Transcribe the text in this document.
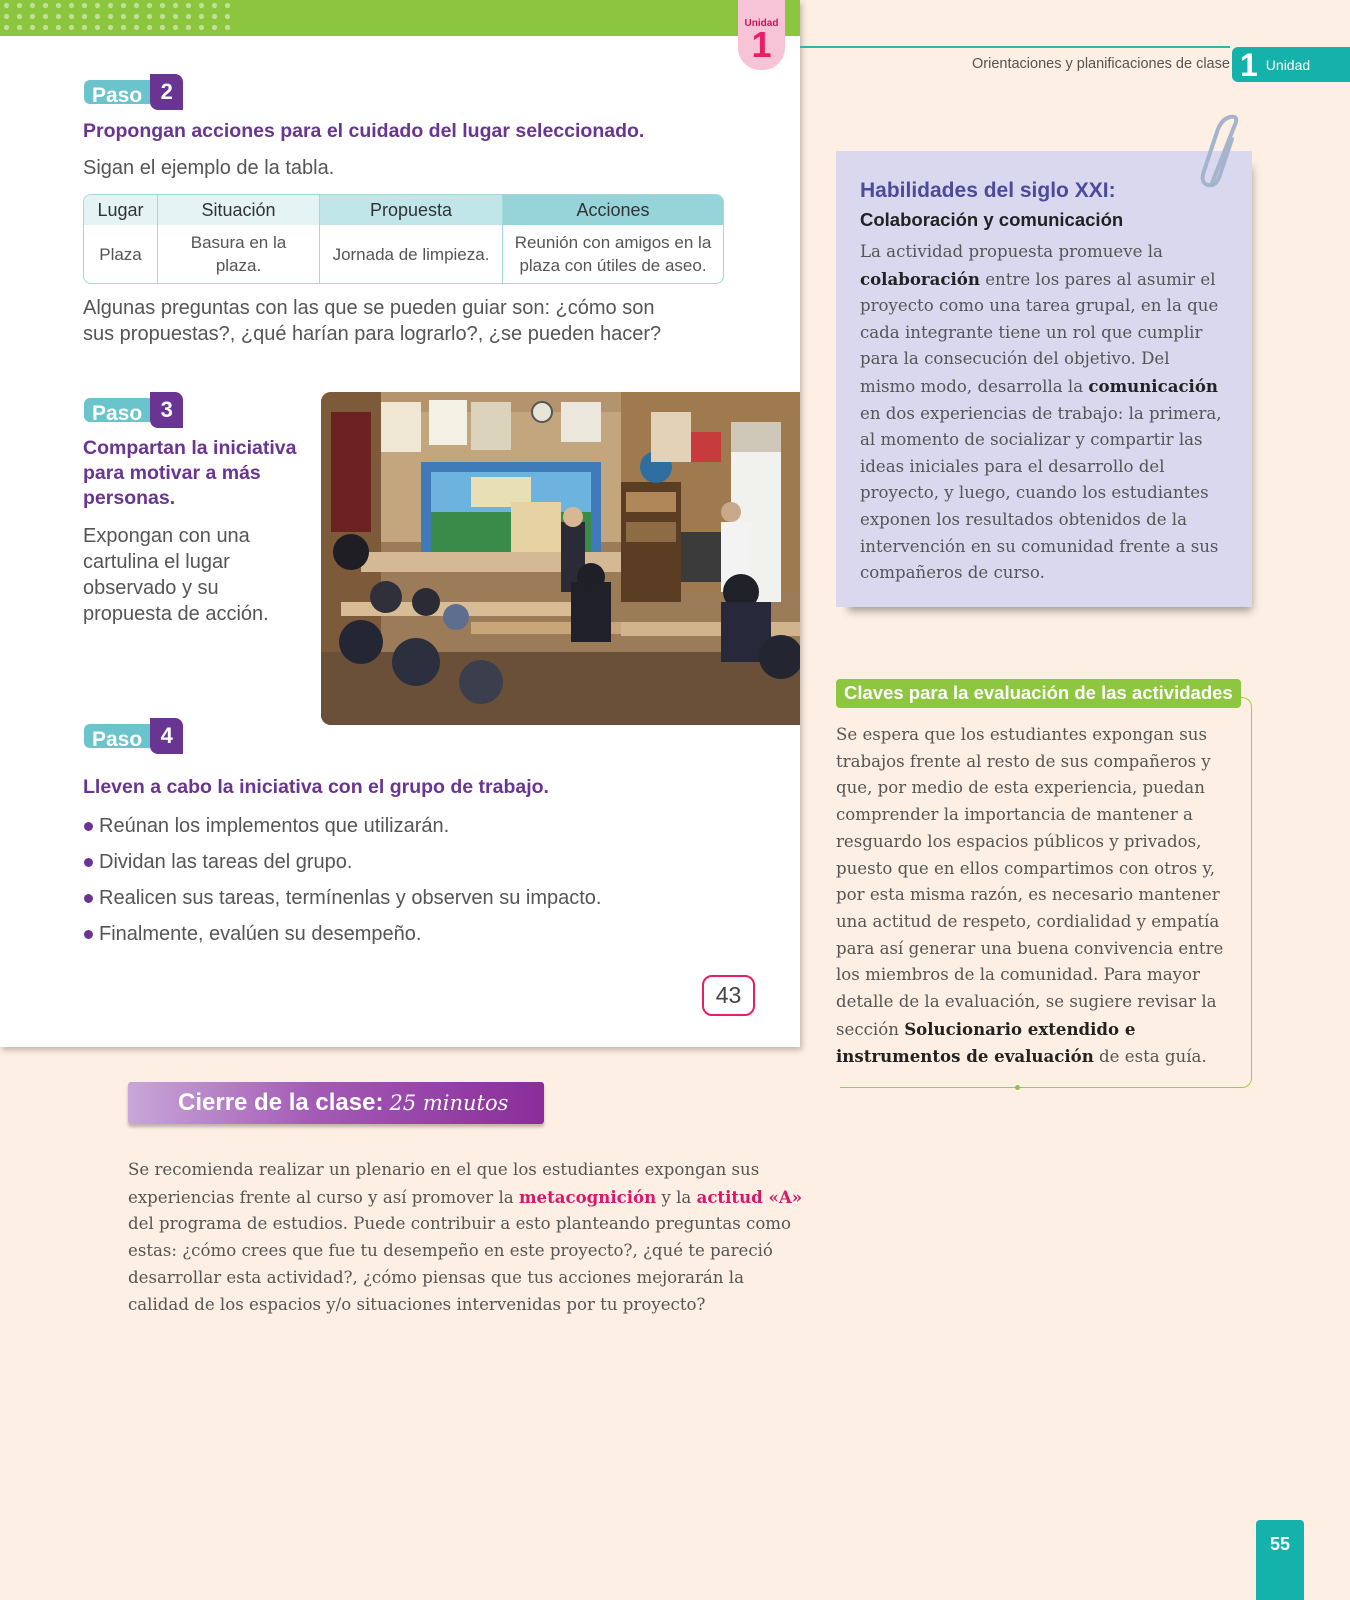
Unidad
1
Paso 2
Propongan acciones para el cuidado del lugar seleccionado.
Sigan el ejemplo de la tabla.
Lugar	Situación	Propuesta	Acciones
Plaza	Basura en la plaza.	Jornada de limpieza.	Reunión con amigos en la plaza con útiles de aseo.
Algunas preguntas con las que se pueden guiar son: ¿cómo son sus propuestas?, ¿qué harían para lograrlo?, ¿se pueden hacer?
Paso 3
Compartan la iniciativa para motivar a más personas.
Expongan con una cartulina el lugar observado y su propuesta de acción.
Paso 4
Lleven a cabo la iniciativa con el grupo de trabajo.
Reúnan los implementos que utilizarán.
Dividan las tareas del grupo.
Realicen sus tareas, termínenlas y observen su impacto.
Finalmente, evalúen su desempeño.
43
Orientaciones y planificaciones de clase 1 Unidad
Habilidades del siglo XXI:
Colaboración y comunicación

La actividad propuesta promueve la colaboración entre los pares al asumir el proyecto como una tarea grupal, en la que cada integrante tiene un rol que cumplir para la consecución del objetivo. Del mismo modo, desarrolla la comunicación en dos experiencias de trabajo: la primera, al momento de socializar y compartir las ideas iniciales para el desarrollo del proyecto, y luego, cuando los estudiantes exponen los resultados obtenidos de la intervención en su comunidad frente a sus compañeros de curso.

Claves para la evaluación de las actividades

Se espera que los estudiantes expongan sus trabajos frente al resto de sus compañeros y que, por medio de esta experiencia, puedan comprender la importancia de mantener a resguardo los espacios públicos y privados, puesto que en ellos compartimos con otros y, por esta misma razón, es necesario mantener una actitud de respeto, cordialidad y empatía para así generar una buena convivencia entre los miembros de la comunidad. Para mayor detalle de la evaluación, se sugiere revisar la sección Solucionario extendido e instrumentos de evaluación de esta guía.

Cierre de la clase: 25 minutos

Se recomienda realizar un plenario en el que los estudiantes expongan sus experiencias frente al curso y así promover la metacognición y la actitud «A» del programa de estudios. Puede contribuir a esto planteando preguntas como estas: ¿cómo crees que fue tu desempeño en este proyecto?, ¿qué te pareció desarrollar esta actividad?, ¿cómo piensas que tus acciones mejorarán la calidad de los espacios y/o situaciones intervenidas por tu proyecto?

55
